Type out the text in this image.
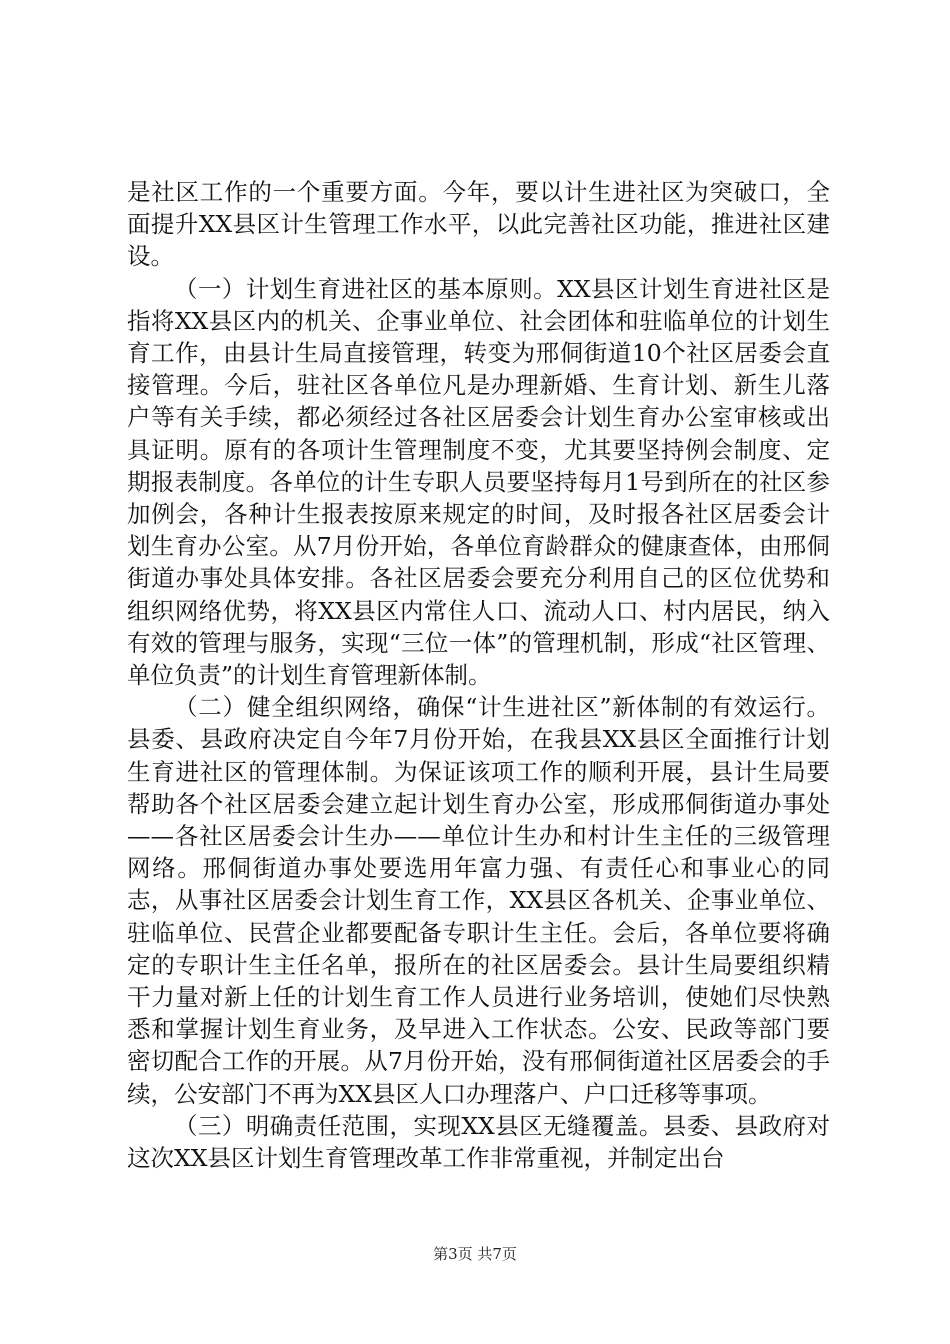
是社区工作的一个重要方面。今年，要以计生进社区为突破口，全面提升XX县区计生管理工作水平，以此完善社区功能，推进社区建设。

（一）计划生育进社区的基本原则。XX县区计划生育进社区是指将XX县区内的机关、企事业单位、社会团体和驻临单位的计划生育工作，由县计生局直接管理，转变为邢侗街道10个社区居委会直接管理。今后，驻社区各单位凡是办理新婚、生育计划、新生儿落户等有关手续，都必须经过各社区居委会计划生育办公室审核或出具证明。原有的各项计生管理制度不变，尤其要坚持例会制度、定期报表制度。各单位的计生专职人员要坚持每月1号到所在的社区参加例会，各种计生报表按原来规定的时间，及时报各社区居委会计划生育办公室。从7月份开始，各单位育龄群众的健康查体，由邢侗街道办事处具体安排。各社区居委会要充分利用自己的区位优势和组织网络优势，将XX县区内常住人口、流动人口、村内居民，纳入有效的管理与服务，实现“三位一体”的管理机制，形成“社区管理、单位负责”的计划生育管理新体制。

（二）健全组织网络，确保“计生进社区”新体制的有效运行。县委、县政府决定自今年7月份开始，在我县XX县区全面推行计划生育进社区的管理体制。为保证该项工作的顺利开展，县计生局要帮助各个社区居委会建立起计划生育办公室，形成邢侗街道办事处——各社区居委会计生办——单位计生办和村计生主任的三级管理网络。邢侗街道办事处要选用年富力强、有责任心和事业心的同志，从事社区居委会计划生育工作，XX县区各机关、企事业单位、驻临单位、民营企业都要配备专职计生主任。会后，各单位要将确定的专职计生主任名单，报所在的社区居委会。县计生局要组织精干力量对新上任的计划生育工作人员进行业务培训，使她们尽快熟悉和掌握计划生育业务，及早进入工作状态。公安、民政等部门要密切配合工作的开展。从7月份开始，没有邢侗街道社区居委会的手续，公安部门不再为XX县区人口办理落户、户口迁移等事项。

（三）明确责任范围，实现XX县区无缝覆盖。县委、县政府对这次XX县区计划生育管理改革工作非常重视，并制定出台

第3页 共7页
